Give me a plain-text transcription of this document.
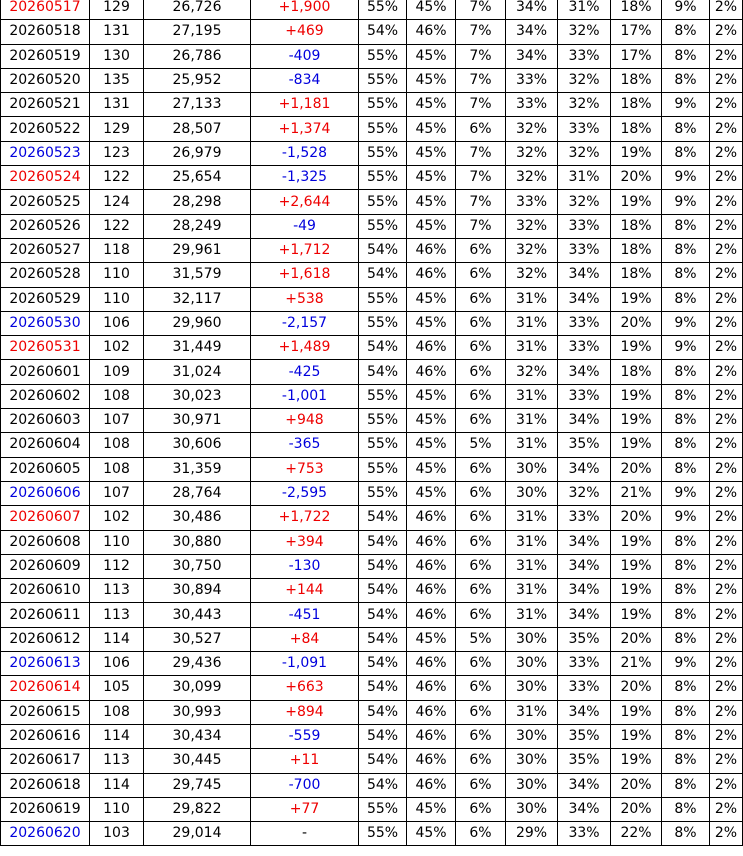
20260517	129	26,726	+1,900	55%	45%	7%	34%	31%	18%	9%	2%
20260518	131	27,195	+469	54%	46%	7%	34%	32%	17%	8%	2%
20260519	130	26,786	-409	55%	45%	7%	34%	33%	17%	8%	2%
20260520	135	25,952	-834	55%	45%	7%	33%	32%	18%	8%	2%
20260521	131	27,133	+1,181	55%	45%	7%	33%	32%	18%	9%	2%
20260522	129	28,507	+1,374	55%	45%	6%	32%	33%	18%	8%	2%
20260523	123	26,979	-1,528	55%	45%	7%	32%	32%	19%	8%	2%
20260524	122	25,654	-1,325	55%	45%	7%	32%	31%	20%	9%	2%
20260525	124	28,298	+2,644	55%	45%	7%	33%	32%	19%	9%	2%
20260526	122	28,249	-49	55%	45%	7%	32%	33%	18%	8%	2%
20260527	118	29,961	+1,712	54%	46%	6%	32%	33%	18%	8%	2%
20260528	110	31,579	+1,618	54%	46%	6%	32%	34%	18%	8%	2%
20260529	110	32,117	+538	55%	45%	6%	31%	34%	19%	8%	2%
20260530	106	29,960	-2,157	55%	45%	6%	31%	33%	20%	9%	2%
20260531	102	31,449	+1,489	54%	46%	6%	31%	33%	19%	9%	2%
20260601	109	31,024	-425	54%	46%	6%	32%	34%	18%	8%	2%
20260602	108	30,023	-1,001	55%	45%	6%	31%	33%	19%	8%	2%
20260603	107	30,971	+948	55%	45%	6%	31%	34%	19%	8%	2%
20260604	108	30,606	-365	55%	45%	5%	31%	35%	19%	8%	2%
20260605	108	31,359	+753	55%	45%	6%	30%	34%	20%	8%	2%
20260606	107	28,764	-2,595	55%	45%	6%	30%	32%	21%	9%	2%
20260607	102	30,486	+1,722	54%	46%	6%	31%	33%	20%	9%	2%
20260608	110	30,880	+394	54%	46%	6%	31%	34%	19%	8%	2%
20260609	112	30,750	-130	54%	46%	6%	31%	34%	19%	8%	2%
20260610	113	30,894	+144	54%	46%	6%	31%	34%	19%	8%	2%
20260611	113	30,443	-451	54%	46%	6%	31%	34%	19%	8%	2%
20260612	114	30,527	+84	54%	45%	5%	30%	35%	20%	8%	2%
20260613	106	29,436	-1,091	54%	46%	6%	30%	33%	21%	9%	2%
20260614	105	30,099	+663	54%	46%	6%	30%	33%	20%	8%	2%
20260615	108	30,993	+894	54%	46%	6%	31%	34%	19%	8%	2%
20260616	114	30,434	-559	54%	46%	6%	30%	35%	19%	8%	2%
20260617	113	30,445	+11	54%	46%	6%	30%	35%	19%	8%	2%
20260618	114	29,745	-700	54%	46%	6%	30%	34%	20%	8%	2%
20260619	110	29,822	+77	55%	45%	6%	30%	34%	20%	8%	2%
20260620	103	29,014	-	55%	45%	6%	29%	33%	22%	8%	2%
